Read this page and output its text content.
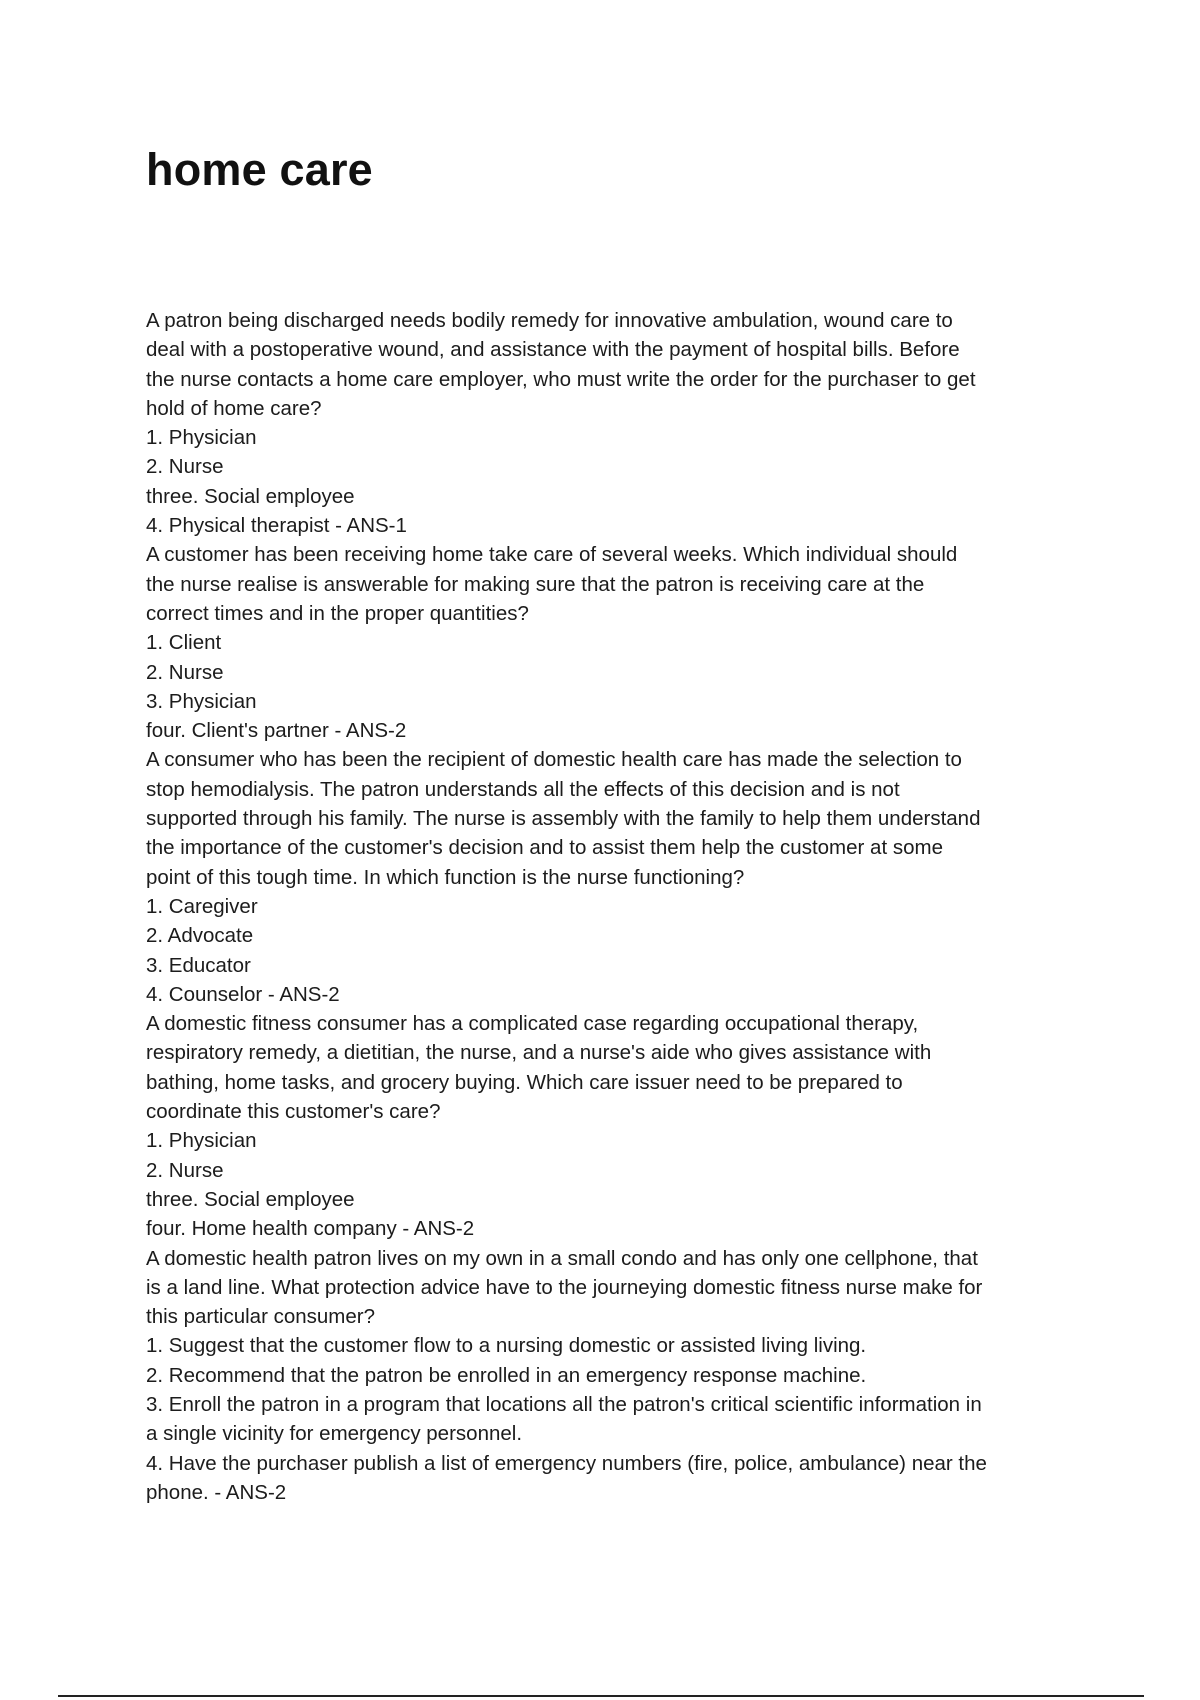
home care
A patron being discharged needs bodily remedy for innovative ambulation, wound care to
deal with a postoperative wound, and assistance with the payment of hospital bills. Before
the nurse contacts a home care employer, who must write the order for the purchaser to get
hold of home care?
1. Physician
2. Nurse
three. Social employee
4. Physical therapist - ANS-1
A customer has been receiving home take care of several weeks. Which individual should
the nurse realise is answerable for making sure that the patron is receiving care at the
correct times and in the proper quantities?
1. Client
2. Nurse
3. Physician
four. Client's partner - ANS-2
A consumer who has been the recipient of domestic health care has made the selection to
stop hemodialysis. The patron understands all the effects of this decision and is not
supported through his family. The nurse is assembly with the family to help them understand
the importance of the customer's decision and to assist them help the customer at some
point of this tough time. In which function is the nurse functioning?
1. Caregiver
2. Advocate
3. Educator
4. Counselor - ANS-2
A domestic fitness consumer has a complicated case regarding occupational therapy,
respiratory remedy, a dietitian, the nurse, and a nurse's aide who gives assistance with
bathing, home tasks, and grocery buying. Which care issuer need to be prepared to
coordinate this customer's care?
1. Physician
2. Nurse
three. Social employee
four. Home health company - ANS-2
A domestic health patron lives on my own in a small condo and has only one cellphone, that
is a land line. What protection advice have to the journeying domestic fitness nurse make for
this particular consumer?
1. Suggest that the customer flow to a nursing domestic or assisted living living.
2. Recommend that the patron be enrolled in an emergency response machine.
3. Enroll the patron in a program that locations all the patron's critical scientific information in
a single vicinity for emergency personnel.
4. Have the purchaser publish a list of emergency numbers (fire, police, ambulance) near the
phone. - ANS-2
